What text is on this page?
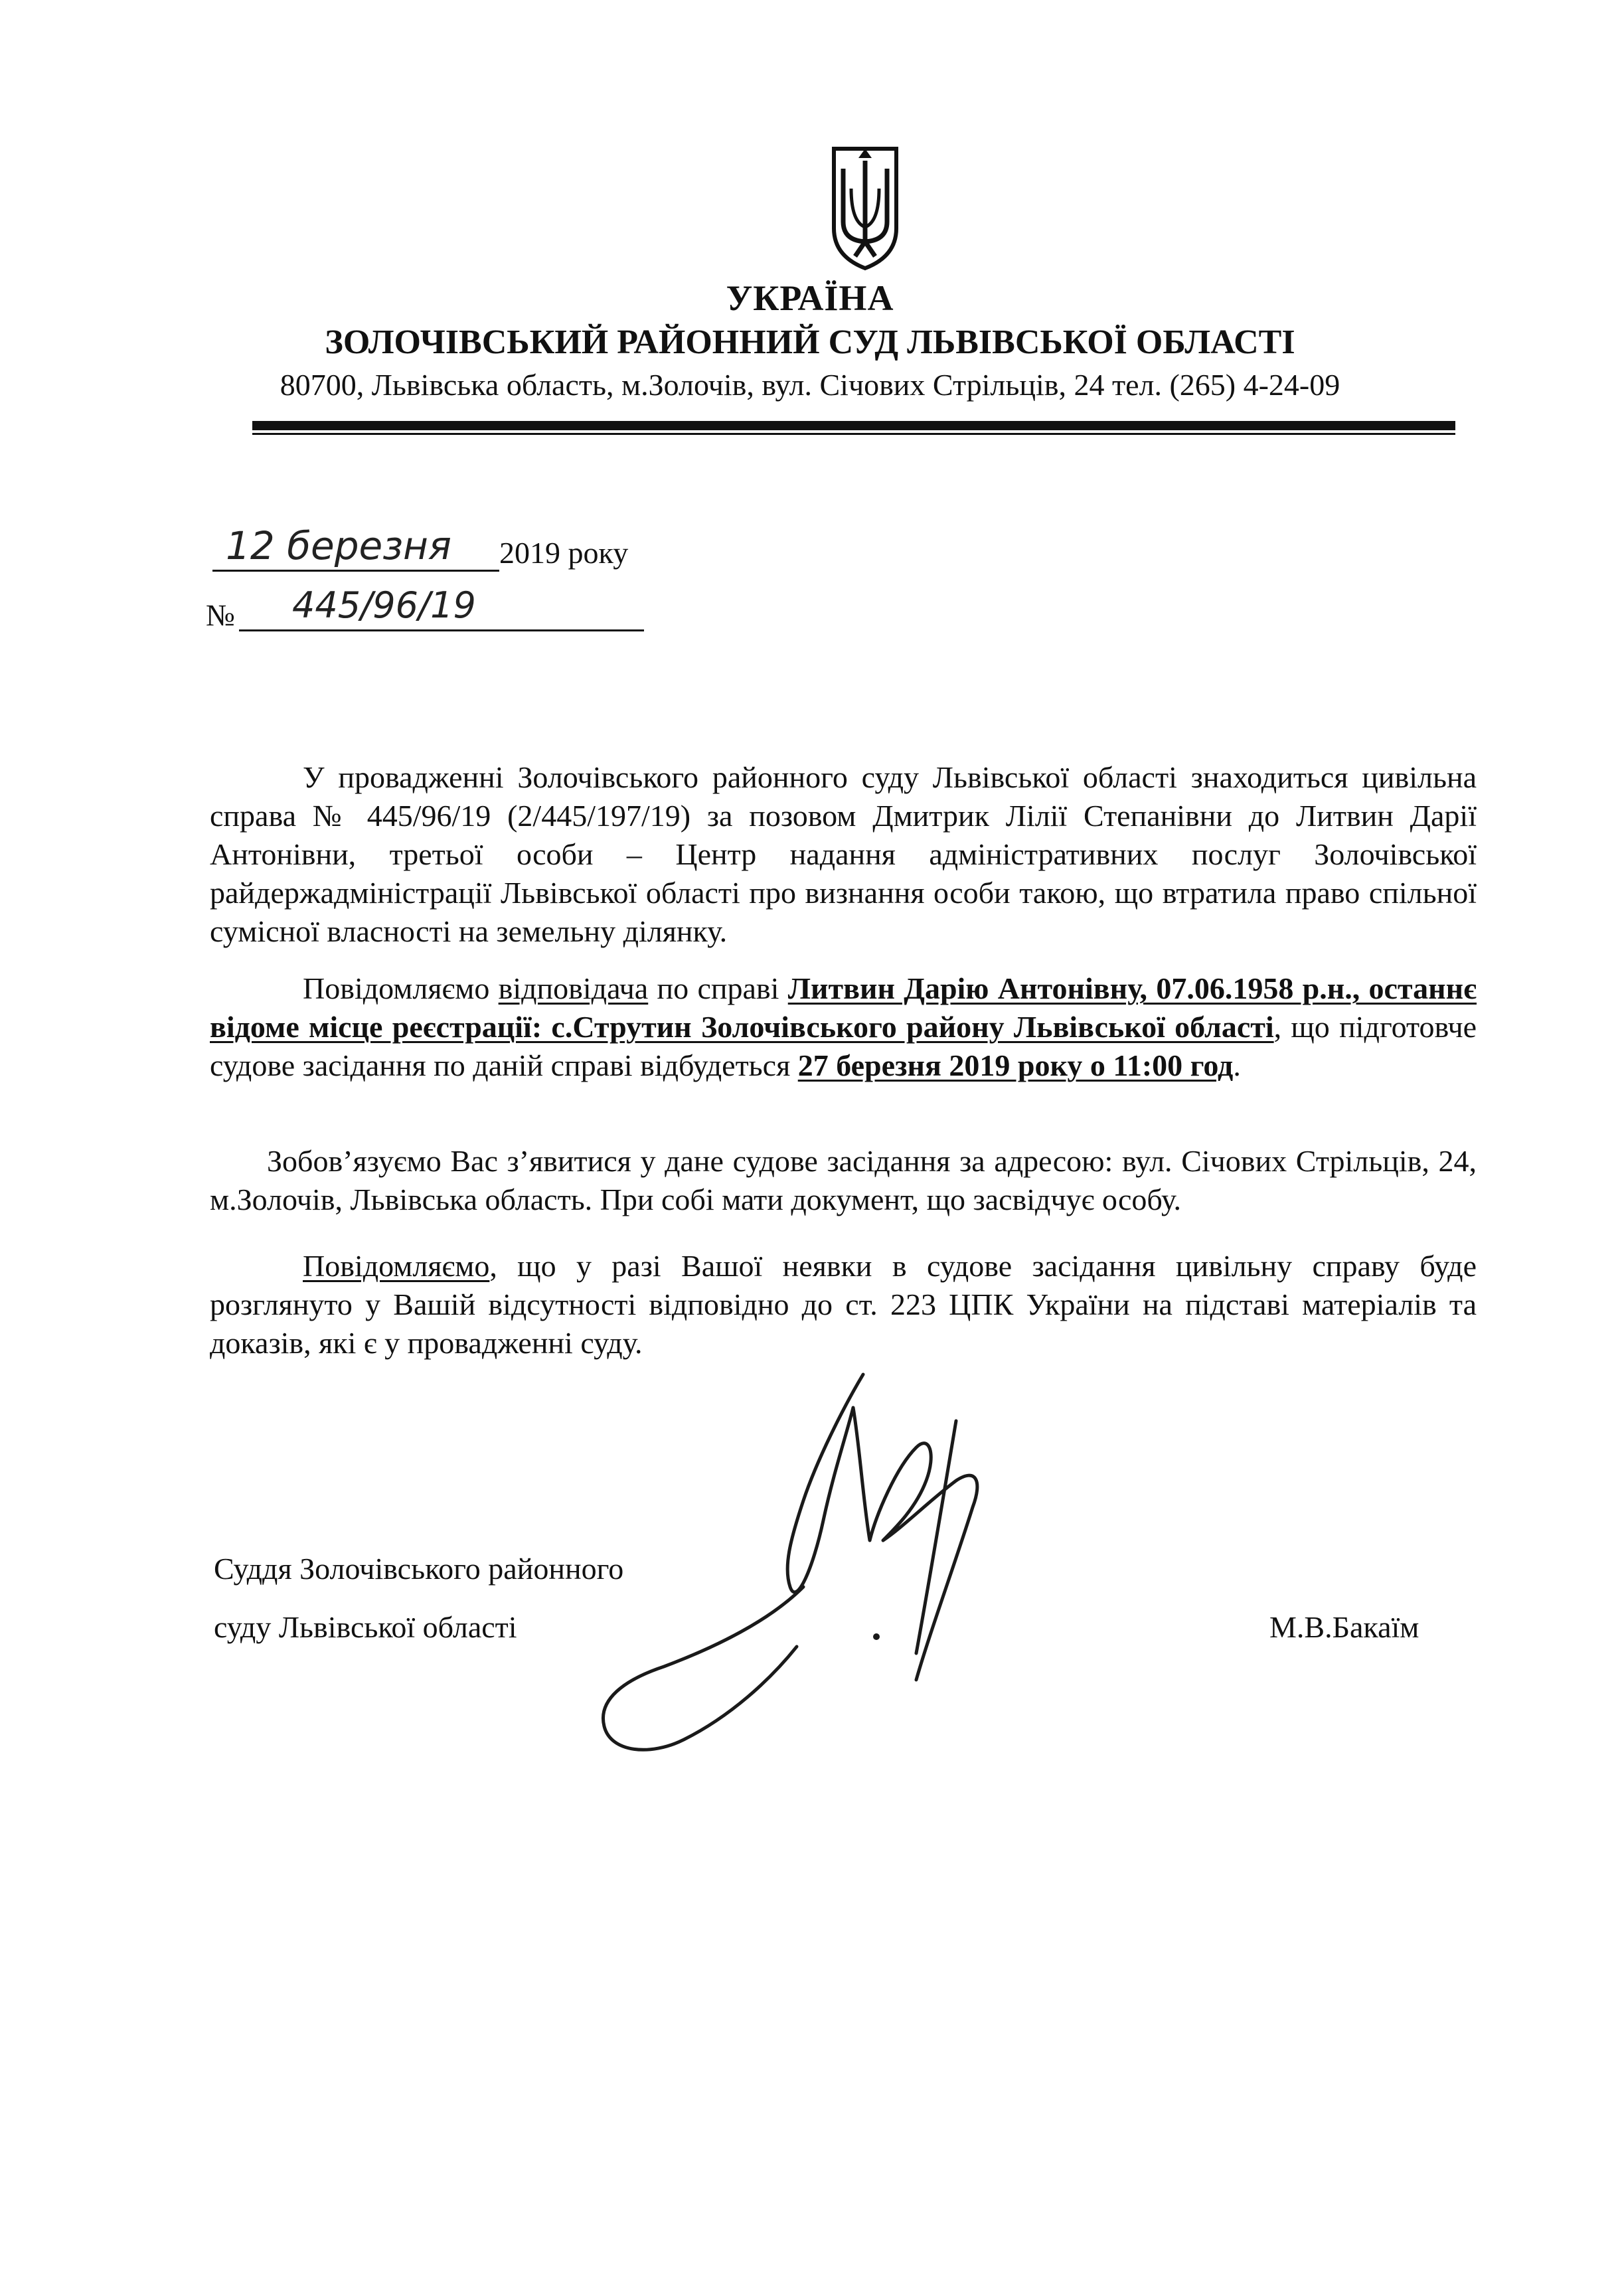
УКРАЇНА
ЗОЛОЧІВСЬКИЙ РАЙОННИЙ СУД ЛЬВІВСЬКОЇ ОБЛАСТІ
80700, Львівська область, м.Золочів, вул. Січових Стрільців, 24 тел. (265) 4-24-09
12 березня 2019 року
№ 445/96/19

У провадженні Золочівського районного суду Львівської області знаходиться цивільна справа № 445/96/19 (2/445/197/19) за позовом Дмитрик Лілії Степанівни до Литвин Дарії Антонівни, третьої особи – Центр надання адміністративних послуг Золочівської райдержадміністрації Львівської області про визнання особи такою, що втратила право спільної сумісної власності на земельну ділянку.

Повідомляємо відповідача по справі Литвин Дарію Антонівну, 07.06.1958 р.н., останнє відоме місце реєстрації: с.Струтин Золочівського району Львівської області, що підготовче судове засідання по даній справі відбудеться 27 березня 2019 року о 11:00 год.

Зобов’язуємо Вас з’явитися у дане судове засідання за адресою: вул. Січових Стрільців, 24, м.Золочів, Львівська область. При собі мати документ, що засвідчує особу.

Повідомляємо, що у разі Вашої неявки в судове засідання цивільну справу буде розглянуто у Вашій відсутності відповідно до ст. 223 ЦПК України на підставі матеріалів та доказів, які є у провадженні суду.

Суддя Золочівського районного
суду Львівської області	М.В.Бакаїм
